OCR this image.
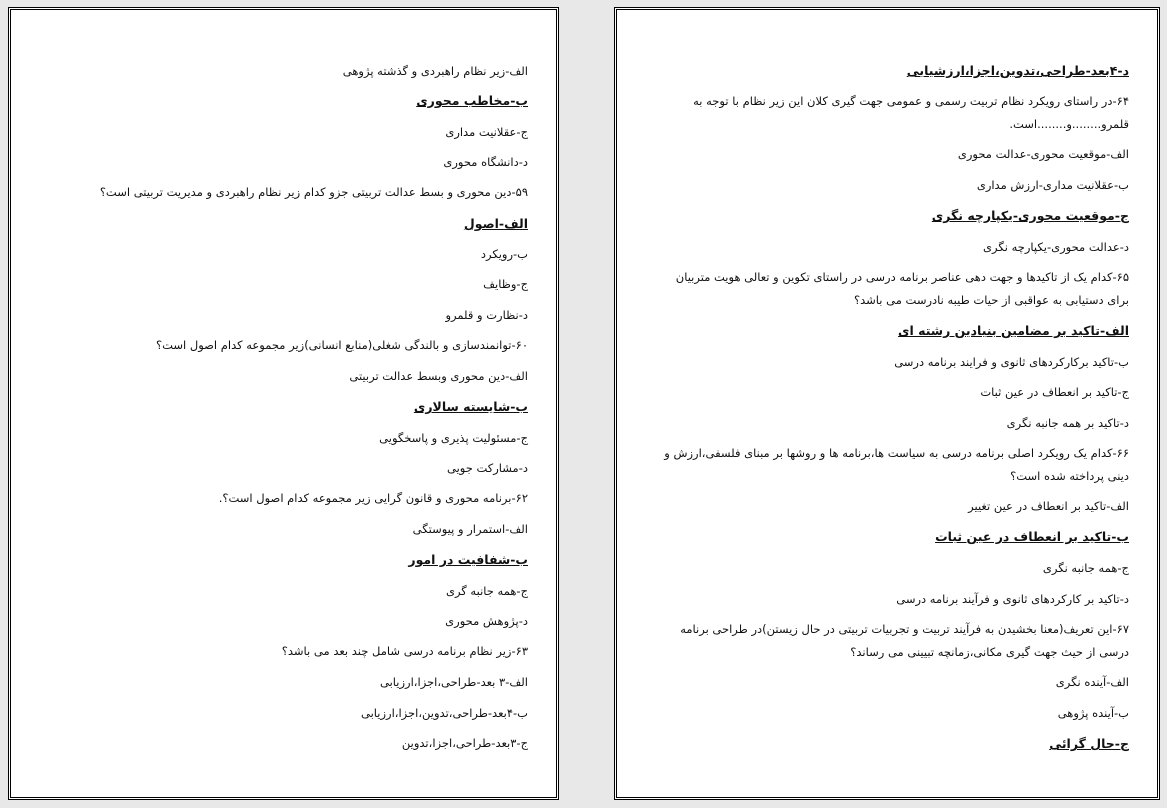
الف-زیر نظام راهبردی و گذشته پژوهی
ب-مخاطب محوری
ج-عقلانیت مداری
د-دانشگاه محوری
۵۹-دین محوری و بسط عدالت تربیتی جزو کدام زیر نظام راهبردی و مدیریت تربیتی است؟
الف-اصول
ب-رویکرد
ج-وظایف
د-نظارت و قلمرو
۶۰-توانمندسازی و بالندگی شغلی(منابع انسانی)زیر مجموعه کدام اصول است؟
الف-دین محوری وبسط عدالت تربیتی
ب-شایسته سالاری
ج-مسئولیت پذیری و پاسخگویی
د-مشارکت جویی
۶۲-برنامه محوری و قانون گرایی زیر مجموعه کدام اصول است؟.
الف-استمرار و پیوستگی
ب-شفافیت در امور
ج-همه جانبه گری
د-پژوهش محوری
۶۳-زیر نظام برنامه درسی شامل چند بعد می باشد؟
الف-۳ بعد-طراحی،اجزا،ارزیابی
ب-۴بعد-طراحی،تدوین،اجزا،ارزیابی
ج-۳بعد-طراحی،اجزا،تدوین
د-۴بعد-طراحی،تدوین،اجزا،ارزشیابی
۶۴-در راستای رویکرد نظام تربیت رسمی و عمومی جهت گیری کلان این زیر نظام با توجه به قلمرو........و........است.
الف-موقعیت محوری-عدالت محوری
ب-عقلانیت مداری-ارزش مداری
ج-موقعیت محوری-یکپارچه نگری
د-عدالت محوری-یکپارچه نگری
۶۵-کدام یک از تاکیدها و جهت دهی عناصر برنامه درسی در راستای تکوین و تعالی هویت متربیان برای دستیابی به عواقبی از حیات طیبه نادرست می باشد؟
الف-تاکید بر مضامین بنیادین رشته ای
ب-تاکید برکارکردهای ثانوی و فرایند برنامه درسی
ج-تاکید بر انعطاف در عین ثبات
د-تاکید بر همه جانبه نگری
۶۶-کدام یک رویکرد اصلی برنامه درسی به سیاست ها،برنامه ها و روشها بر مبنای فلسفی،ارزش و دینی پرداخته شده است؟
الف-تاکید بر انعطاف در عین تغییر
ب-تاکید بر انعطاف در عین ثبات
ج-همه جانبه نگری
د-تاکید بر کارکردهای ثانوی و فرآیند برنامه درسی
۶۷-این تعریف(معنا بخشیدن به فرآیند تربیت و تجربیات تربیتی در حال زیستن)در طراحی برنامه درسی از حیث جهت گیری مکانی،زمانچه تبیینی می رساند؟
الف-آینده نگری
ب-آینده پژوهی
ج-حال گرائی
